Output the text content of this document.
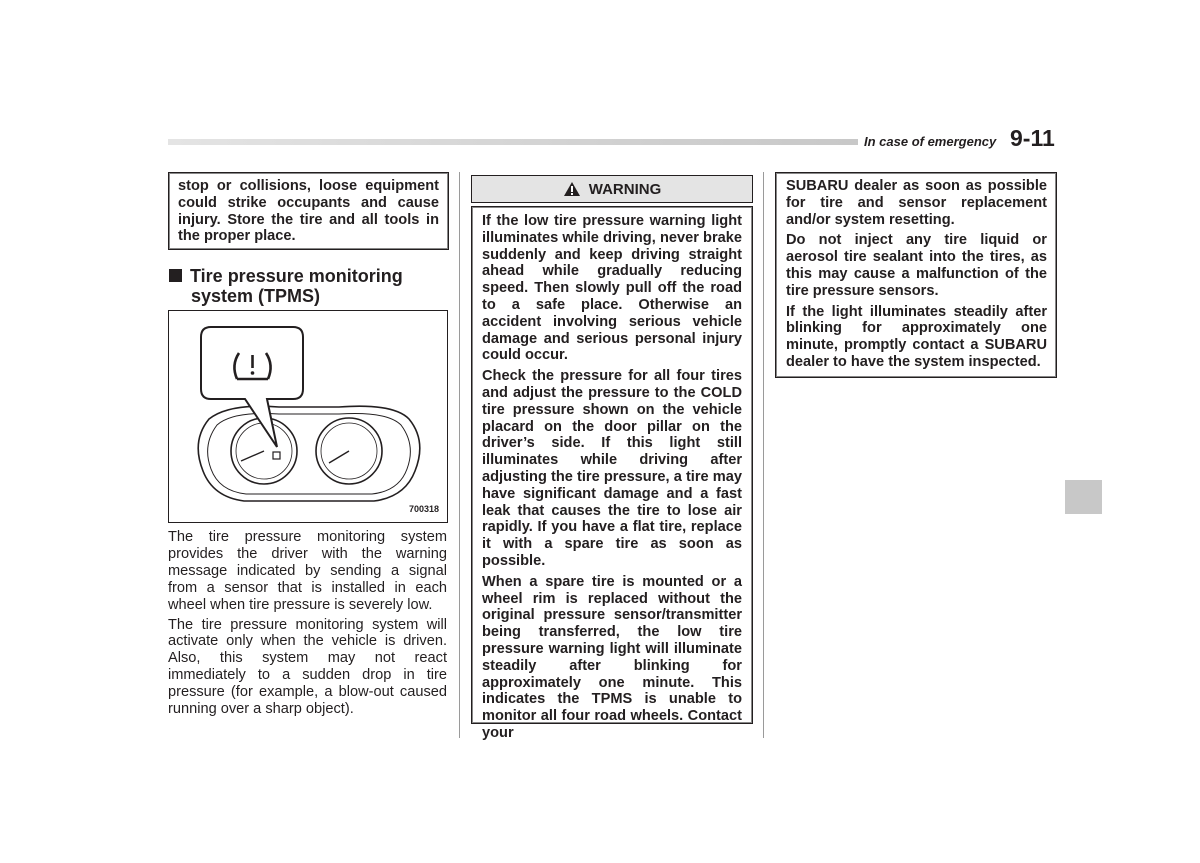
In case of emergency 9-11

stop or collisions, loose equipment could strike occupants and cause injury. Store the tire and all tools in the proper place.

Tire pressure monitoring
system (TPMS)
700318

The tire pressure monitoring system provides the driver with the warning message indicated by sending a signal from a sensor that is installed in each wheel when tire pressure is severely low.

The tire pressure monitoring system will activate only when the vehicle is driven. Also, this system may not react immediately to a sudden drop in tire pressure (for example, a blow-out caused running over a sharp object).

WARNING

If the low tire pressure warning light illuminates while driving, never brake suddenly and keep driving straight ahead while gradually reducing speed. Then slowly pull off the road to a safe place. Otherwise an accident involving serious vehicle damage and serious personal injury could occur.

Check the pressure for all four tires and adjust the pressure to the COLD tire pressure shown on the vehicle placard on the door pillar on the driver’s side. If this light still illuminates while driving after adjusting the tire pressure, a tire may have significant damage and a fast leak that causes the tire to lose air rapidly. If you have a flat tire, replace it with a spare tire as soon as possible.

When a spare tire is mounted or a wheel rim is replaced without the original pressure sensor/transmitter being transferred, the low tire pressure warning light will illuminate steadily after blinking for approximately one minute. This indicates the TPMS is unable to monitor all four road wheels. Contact your

SUBARU dealer as soon as possible for tire and sensor replacement and/or system resetting.

Do not inject any tire liquid or aerosol tire sealant into the tires, as this may cause a malfunction of the tire pressure sensors.

If the light illuminates steadily after blinking for approximately one minute, promptly contact a SUBARU dealer to have the system inspected.
